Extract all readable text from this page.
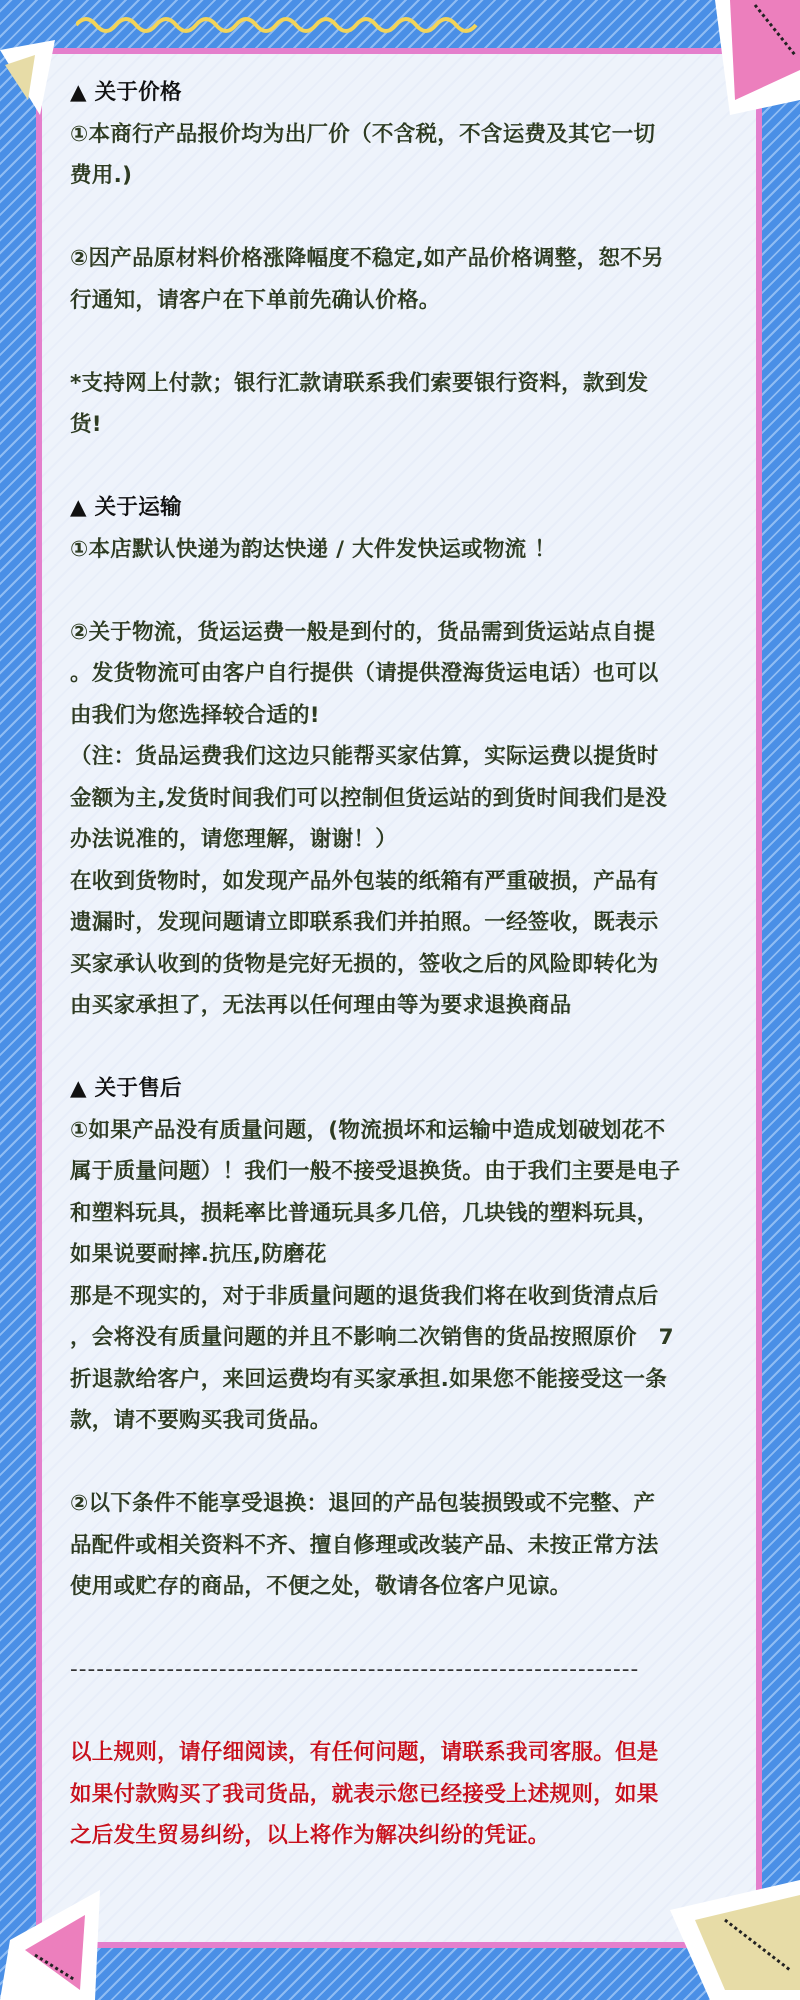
▲ 关于价格
①本商行产品报价均为出厂价（不含税，不含运费及其它一切
费用.)
②因产品原材料价格涨降幅度不稳定,如产品价格调整，恕不另
行通知，请客户在下单前先确认价格。
*支持网上付款；银行汇款请联系我们索要银行资料，款到发
货!
▲ 关于运输
①本店默认快递为韵达快递 / 大件发快运或物流 ！
②关于物流，货运运费一般是到付的，货品需到货运站点自提
。发货物流可由客户自行提供（请提供澄海货运电话）也可以
由我们为您选择较合适的!
（注：货品运费我们这边只能帮买家估算，实际运费以提货时
金额为主,发货时间我们可以控制但货运站的到货时间我们是没
办法说准的，请您理解，谢谢！）
在收到货物时，如发现产品外包装的纸箱有严重破损，产品有
遗漏时，发现问题请立即联系我们并拍照。一经签收，既表示
买家承认收到的货物是完好无损的，签收之后的风险即转化为
由买家承担了，无法再以任何理由等为要求退换商品
▲ 关于售后
①如果产品没有质量问题，(物流损坏和运输中造成划破划花不
属于质量问题）！我们一般不接受退换货。由于我们主要是电子
和塑料玩具，损耗率比普通玩具多几倍，几块钱的塑料玩具，
如果说要耐摔.抗压,防磨花
那是不现实的，对于非质量问题的退货我们将在收到货清点后
，会将没有质量问题的并且不影响二次销售的货品按照原价　7
折退款给客户，来回运费均有买家承担.如果您不能接受这一条
款，请不要购买我司货品。
②以下条件不能享受退换：退回的产品包装损毁或不完整、产
品配件或相关资料不齐、擅自修理或改装产品、未按正常方法
使用或贮存的商品，不便之处，敬请各位客户见谅。
-----------------------------------------------------------------
以上规则，请仔细阅读，有任何问题，请联系我司客服。但是
如果付款购买了我司货品，就表示您已经接受上述规则，如果
之后发生贸易纠纷，以上将作为解决纠纷的凭证。
